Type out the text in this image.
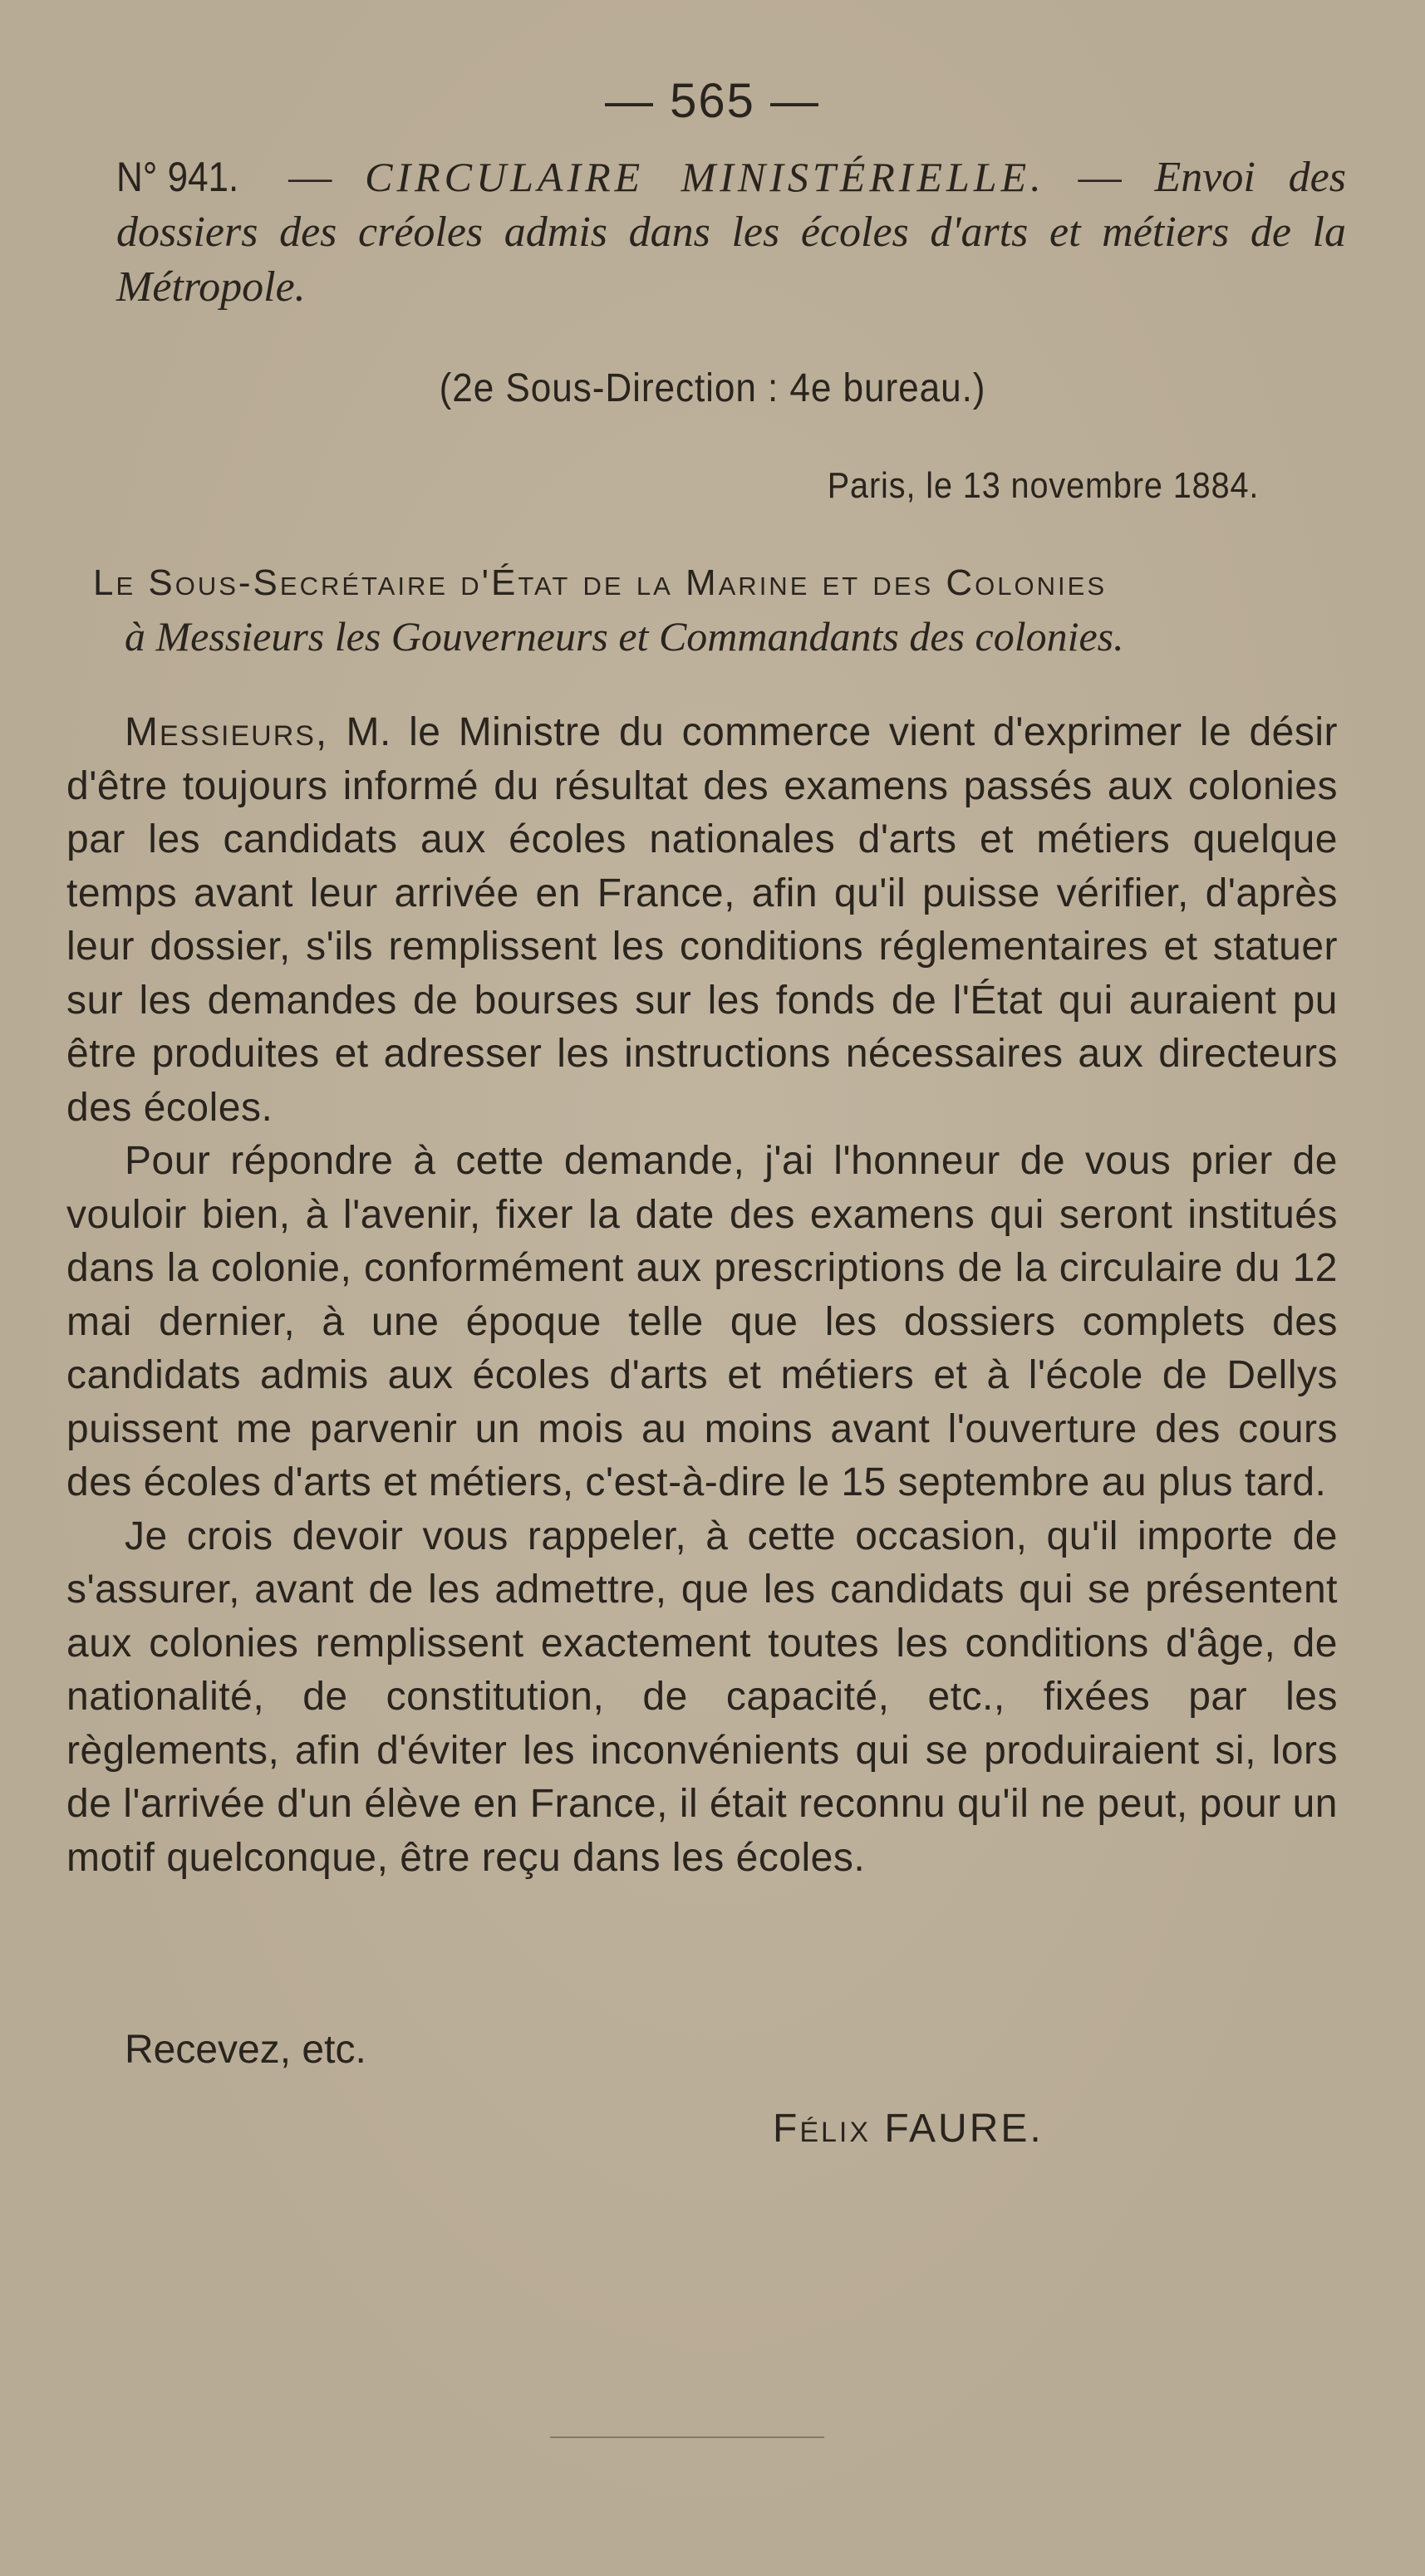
— 565 —

N° 941. — CIRCULAIRE MINISTÉRIELLE. — Envoi des dossiers des créoles admis dans les écoles d'arts et métiers de la Métropole.

(2e Sous-Direction : 4e bureau.)
Paris, le 13 novembre 1884.
Le Sous-Secrétaire d'État de la Marine et des Colonies
à Messieurs les Gouverneurs et Commandants des colonies.

Messieurs, M. le Ministre du commerce vient d'exprimer le désir d'être toujours informé du résultat des examens passés aux colonies par les candidats aux écoles nationales d'arts et métiers quelque temps avant leur arrivée en France, afin qu'il puisse vérifier, d'après leur dossier, s'ils remplissent les conditions réglementaires et statuer sur les demandes de bourses sur les fonds de l'État qui auraient pu être produites et adresser les instructions nécessaires aux directeurs des écoles.

Pour répondre à cette demande, j'ai l'honneur de vous prier de vouloir bien, à l'avenir, fixer la date des examens qui seront institués dans la colonie, conformément aux prescriptions de la circulaire du 12 mai dernier, à une époque telle que les dossiers complets des candidats admis aux écoles d'arts et métiers et à l'école de Dellys puissent me parvenir un mois au moins avant l'ouverture des cours des écoles d'arts et métiers, c'est-à-dire le 15 septembre au plus tard.

Je crois devoir vous rappeler, à cette occasion, qu'il importe de s'assurer, avant de les admettre, que les candidats qui se présentent aux colonies remplissent exactement toutes les conditions d'âge, de nationalité, de constitution, de capacité, etc., fixées par les règlements, afin d'éviter les inconvénients qui se produiraient si, lors de l'arrivée d'un élève en France, il était reconnu qu'il ne peut, pour un motif quelconque, être reçu dans les écoles.

Recevez, etc.
Félix FAURE.
